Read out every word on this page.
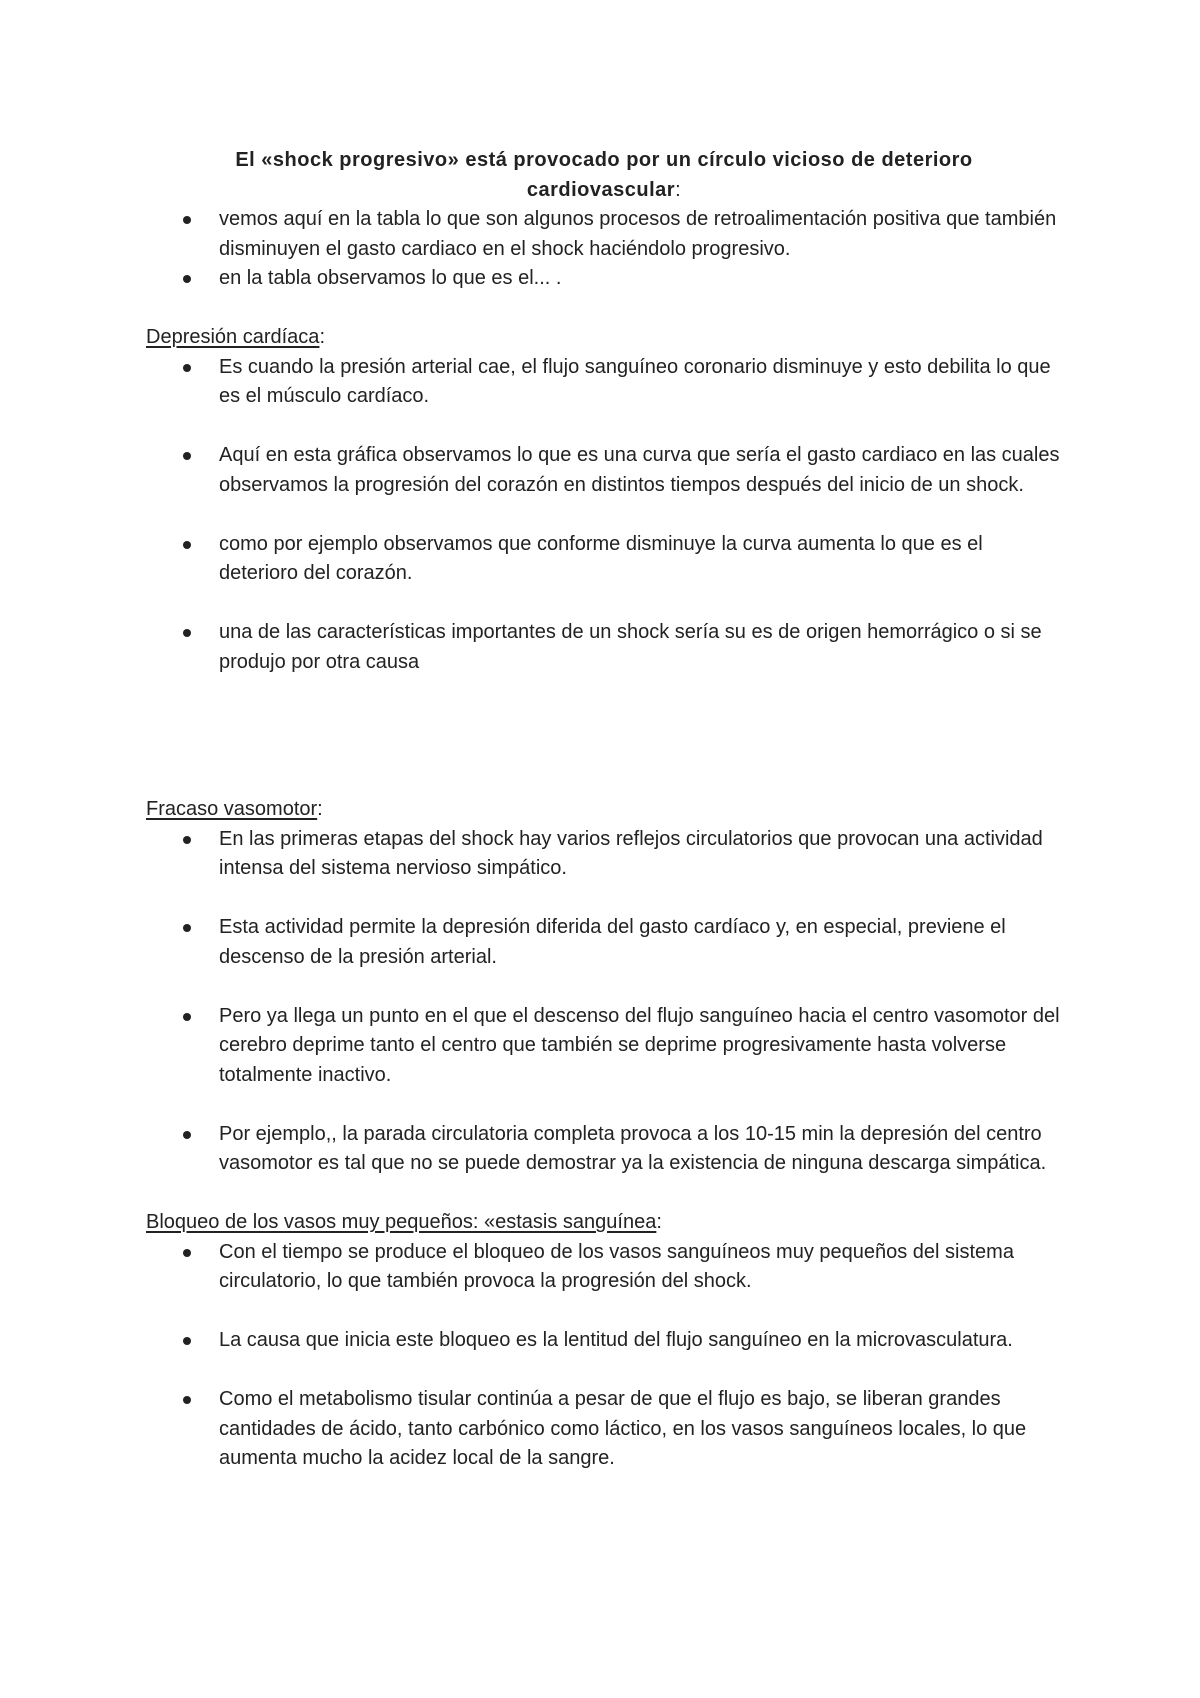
El «shock progresivo» está provocado por un círculo vicioso de deterioro cardiovascular:
vemos aquí en la tabla lo que son algunos procesos de retroalimentación positiva que también disminuyen el gasto cardiaco en el shock haciéndolo progresivo.
en la tabla observamos lo que es el... .

Depresión cardíaca:

Es cuando la presión arterial cae, el flujo sanguíneo coronario disminuye y esto debilita lo que es el músculo cardíaco.
Aquí en esta gráfica observamos lo que es una curva que sería el gasto cardiaco en las cuales observamos la progresión del corazón en distintos tiempos después del inicio de un shock.
como por ejemplo observamos que conforme disminuye la curva aumenta lo que es el deterioro del corazón.
una de las características importantes de un shock sería su es de origen hemorrágico o si se produjo por otra causa

Fracaso vasomotor:

En las primeras etapas del shock hay varios reflejos circulatorios que provocan una actividad intensa del sistema nervioso simpático.
Esta actividad permite la depresión diferida del gasto cardíaco y, en especial, previene el descenso de la presión arterial.
Pero ya llega un punto en el que el descenso del flujo sanguíneo hacia el centro vasomotor del cerebro deprime tanto el centro que también se deprime progresivamente hasta volverse totalmente inactivo.
Por ejemplo,, la parada circulatoria completa provoca a los 10-15 min la depresión del centro vasomotor es tal que no se puede demostrar ya la existencia de ninguna descarga simpática.

Bloqueo de los vasos muy pequeños: «estasis sanguínea:

Con el tiempo se produce el bloqueo de los vasos sanguíneos muy pequeños del sistema circulatorio, lo que también provoca la progresión del shock.
La causa que inicia este bloqueo es la lentitud del flujo sanguíneo en la microvasculatura.
Como el metabolismo tisular continúa a pesar de que el flujo es bajo, se liberan grandes cantidades de ácido, tanto carbónico como láctico, en los vasos sanguíneos locales, lo que aumenta mucho la acidez local de la sangre.
